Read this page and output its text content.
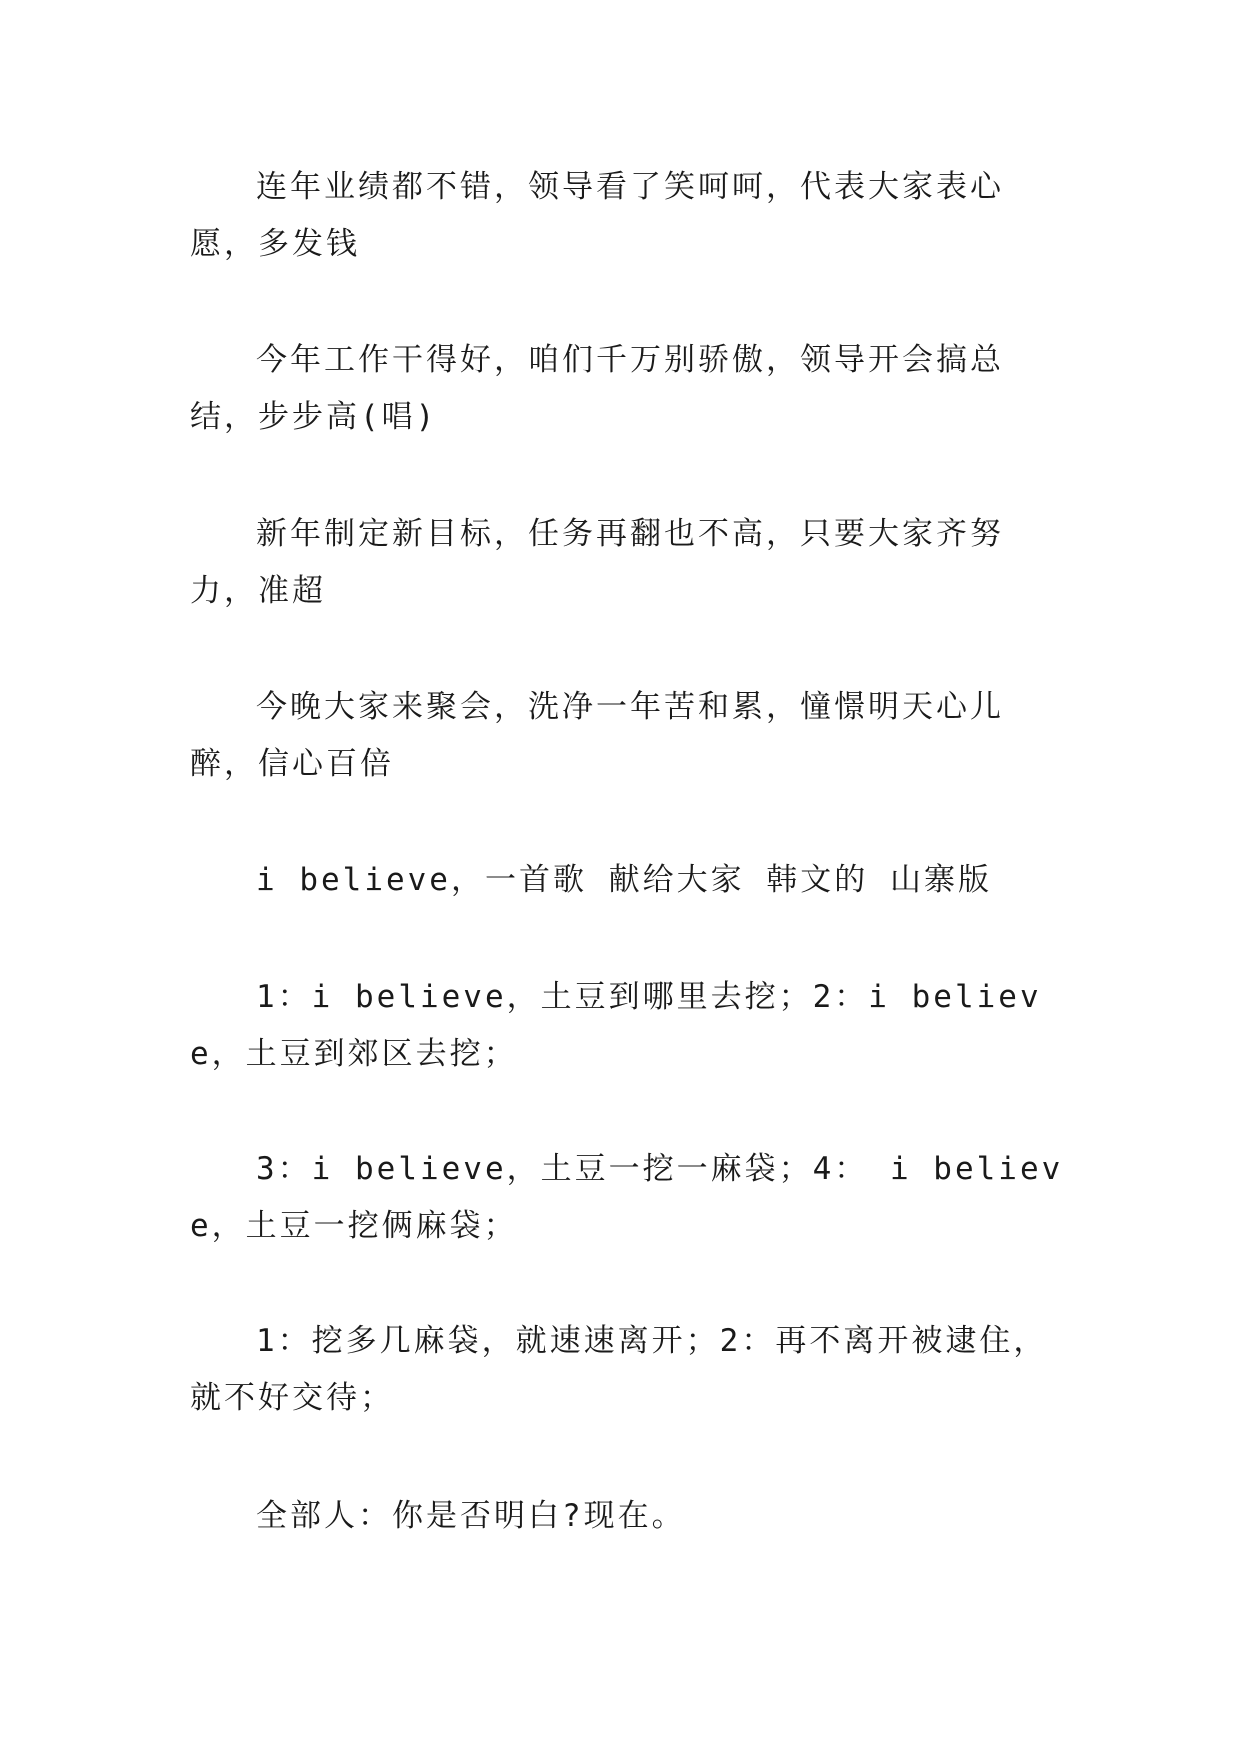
连年业绩都不错，领导看了笑呵呵，代表大家表心愿，多发钱

今年工作干得好，咱们千万别骄傲，领导开会搞总结，步步高(唱)

新年制定新目标，任务再翻也不高，只要大家齐努力，准超

今晚大家来聚会，洗净一年苦和累，憧憬明天心儿醉，信心百倍

i believe，一首歌 献给大家 韩文的 山寨版

1：i believe，土豆到哪里去挖；2：i believe，土豆到郊区去挖；

3：i believe，土豆一挖一麻袋；4： i believe，土豆一挖俩麻袋；

1：挖多几麻袋，就速速离开；2：再不离开被逮住，就不好交待；

全部人：你是否明白?现在。
